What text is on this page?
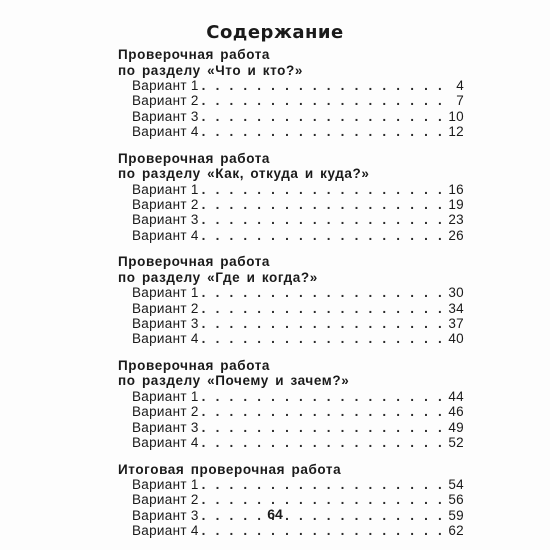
Содержание
Проверочная работа
по разделу «Что и кто?»
Вариант 1 . . .	4
Вариант 2 . . .	7
Вариант 3 . . .	10
Вариант 4 . . .	12
Проверочная работа
по разделу «Как, откуда и куда?»
Вариант 1 . . .	16
Вариант 2 . . .	19
Вариант 3 . . .	23
Вариант 4 . . .	26
Проверочная работа
по разделу «Где и когда?»
Вариант 1 . . .	30
Вариант 2 . . .	34
Вариант 3 . . .	37
Вариант 4 . . .	40
Проверочная работа
по разделу «Почему и зачем?»
Вариант 1 . . .	44
Вариант 2 . . .	46
Вариант 3 . . .	49
Вариант 4 . . .	52
Итоговая проверочная работа
Вариант 1 . . .	54
Вариант 2 . . .	56
Вариант 3 . . .	59
Вариант 4 . . .	62
64
